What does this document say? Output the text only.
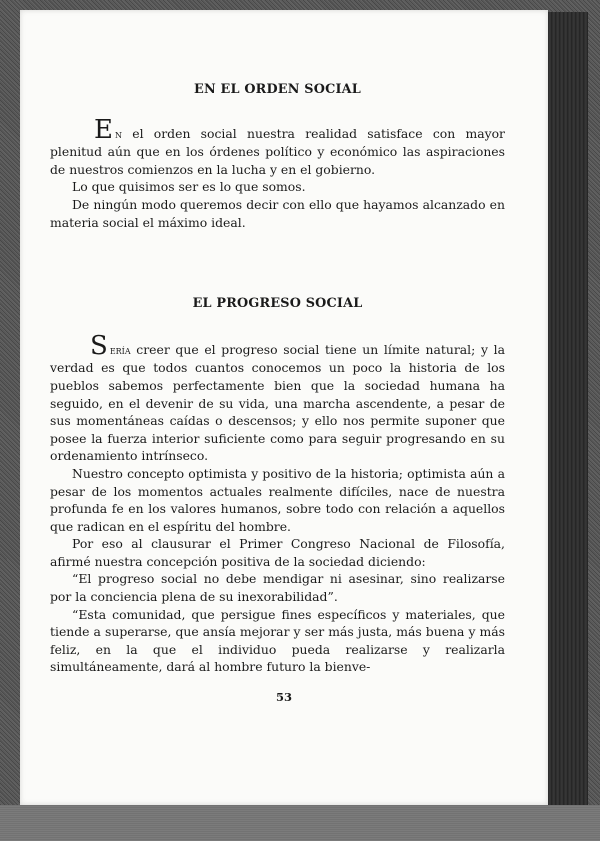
EN EL ORDEN SOCIAL

En el orden social nuestra realidad satisface con mayor plenitud aún que en los órdenes político y económico las aspiraciones de nuestros comienzos en la lucha y en el gobierno.

Lo que quisimos ser es lo que somos.

De ningún modo queremos decir con ello que hayamos alcanzado en materia social el máximo ideal.

EL PROGRESO SOCIAL

Sería creer que el progreso social tiene un límite natural; y la verdad es que todos cuantos conocemos un poco la historia de los pueblos sabemos perfectamente bien que la sociedad humana ha seguido, en el devenir de su vida, una marcha ascendente, a pesar de sus momentáneas caídas o descensos; y ello nos permite suponer que posee la fuerza interior suficiente como para seguir progresando en su ordenamiento intrínseco.

Nuestro concepto optimista y positivo de la historia; optimista aún a pesar de los momentos actuales realmente difíciles, nace de nuestra profunda fe en los valores humanos, sobre todo con relación a aquellos que radican en el espíritu del hombre.

Por eso al clausurar el Primer Congreso Nacional de Filosofía, afirmé nuestra concepción positiva de la sociedad diciendo:

“El progreso social no debe mendigar ni asesinar, sino realizarse por la conciencia plena de su inexorabilidad”.

“Esta comunidad, que persigue fines específicos y materiales, que tiende a superarse, que ansía mejorar y ser más justa, más buena y más feliz, en la que el individuo pueda realizarse y realizarla simultáneamente, dará al hombre futuro la bienve-

53
